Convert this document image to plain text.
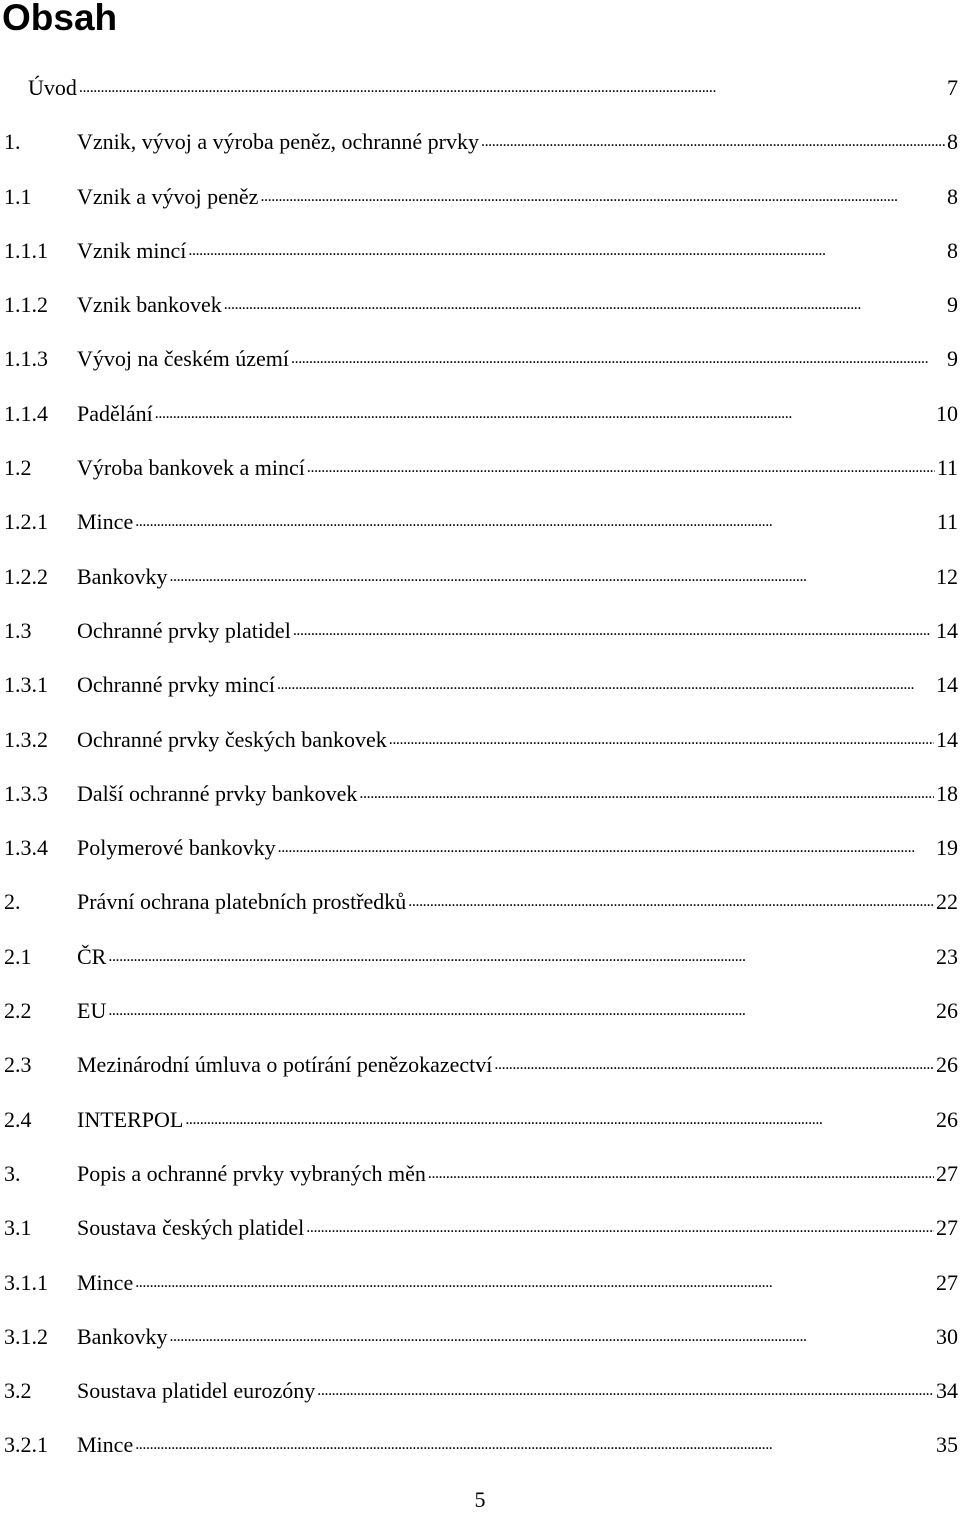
Obsah
Úvod . . .	7
1.	Vznik, vývoj a výroba peněz, ochranné prvky . . .	8
1.1 Vznik a vývoj peněz . . .	8
1.1.1 Vznik mincí . . .	8
1.1.2 Vznik bankovek . . .	9
1.1.3 Vývoj na českém území . . .	9
1.1.4 Padělání . . .	10
1.2 Výroba bankovek a mincí . . .	11
1.2.1 Mince . . .	11
1.2.2 Bankovky . . .	12
1.3 Ochranné prvky platidel . . .	14
1.3.1 Ochranné prvky mincí . . .	14
1.3.2 Ochranné prvky českých bankovek . . .	14
1.3.3 Další ochranné prvky bankovek . . .	18
1.3.4 Polymerové bankovky . . .	19
2.	Právní ochrana platebních prostředků . . .	22
2.1 ČR . . .	23
2.2 EU . . .	26
2.3 Mezinárodní úmluva o potírání penězokazectví . . .	26
2.4 INTERPOL . . .	26
3.	Popis a ochranné prvky vybraných měn . . .	27
3.1 Soustava českých platidel . . .	27
3.1.1 Mince . . .	27
3.1.2 Bankovky . . .	30
3.2 Soustava platidel eurozóny . . .	34
3.2.1 Mince . . .	35
5
